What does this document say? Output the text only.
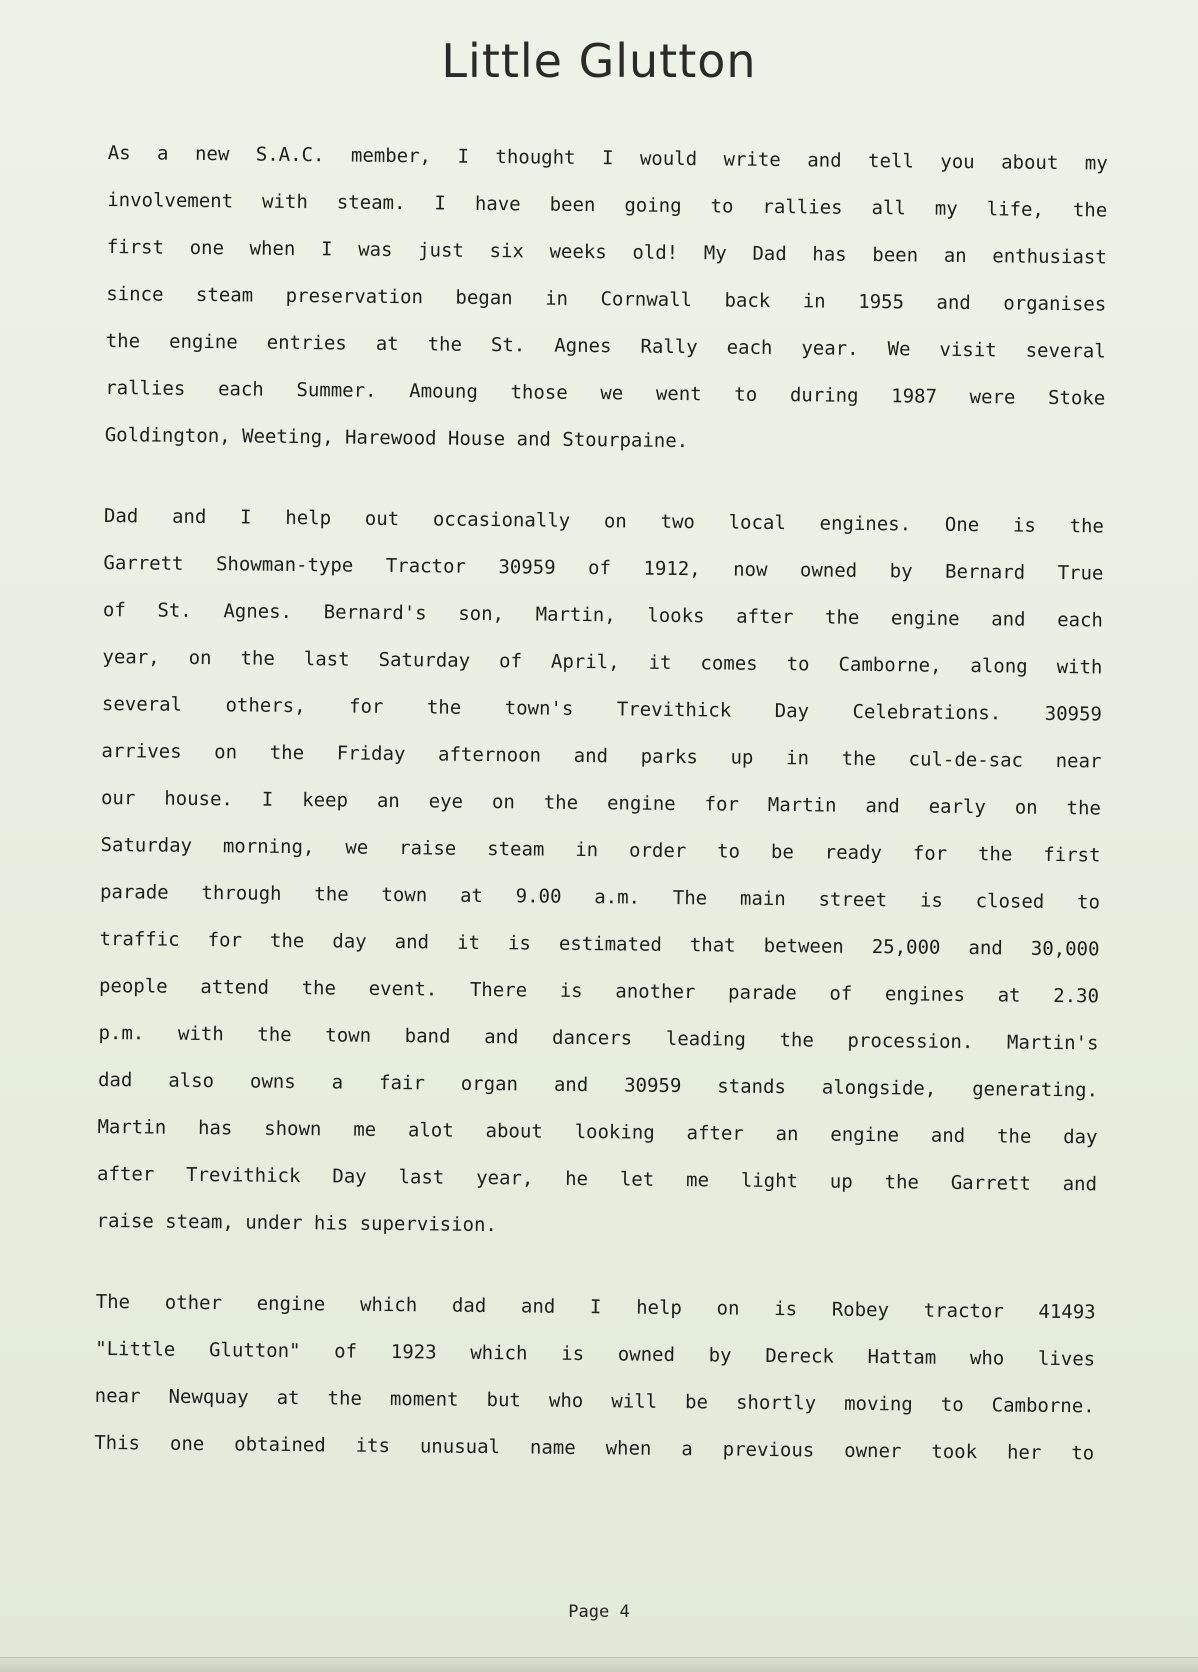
Little Glutton

As a new S.A.C. member, I thought I would write and tell you about my
involvement with steam. I have been going to rallies all my life, the
first one when I was just six weeks old! My Dad has been an enthusiast
since steam preservation began in Cornwall back in 1955 and organises
the engine entries at the St. Agnes Rally each year. We visit several
rallies each Summer. Amoung those we went to during 1987 were Stoke
Goldington, Weeting, Harewood House and Stourpaine.

Dad and I help out occasionally on two local engines. One is the
Garrett Showman-type Tractor 30959 of 1912, now owned by Bernard True
of St. Agnes. Bernard's son, Martin, looks after the engine and each
year, on the last Saturday of April, it comes to Camborne, along with
several others, for the town's Trevithick Day Celebrations. 30959
arrives on the Friday afternoon and parks up in the cul-de-sac near
our house. I keep an eye on the engine for Martin and early on the
Saturday morning, we raise steam in order to be ready for the first
parade through the town at 9.00 a.m. The main street is closed to
traffic for the day and it is estimated that between 25,000 and 30,000
people attend the event. There is another parade of engines at 2.30
p.m. with the town band and dancers leading the procession. Martin's
dad also owns a fair organ and 30959 stands alongside, generating.
Martin has shown me alot about looking after an engine and the day
after Trevithick Day last year, he let me light up the Garrett and
raise steam, under his supervision.

The other engine which dad and I help on is Robey tractor 41493
"Little Glutton" of 1923 which is owned by Dereck Hattam who lives
near Newquay at the moment but who will be shortly moving to Camborne.
This one obtained its unusual name when a previous owner took her to

Page 4
